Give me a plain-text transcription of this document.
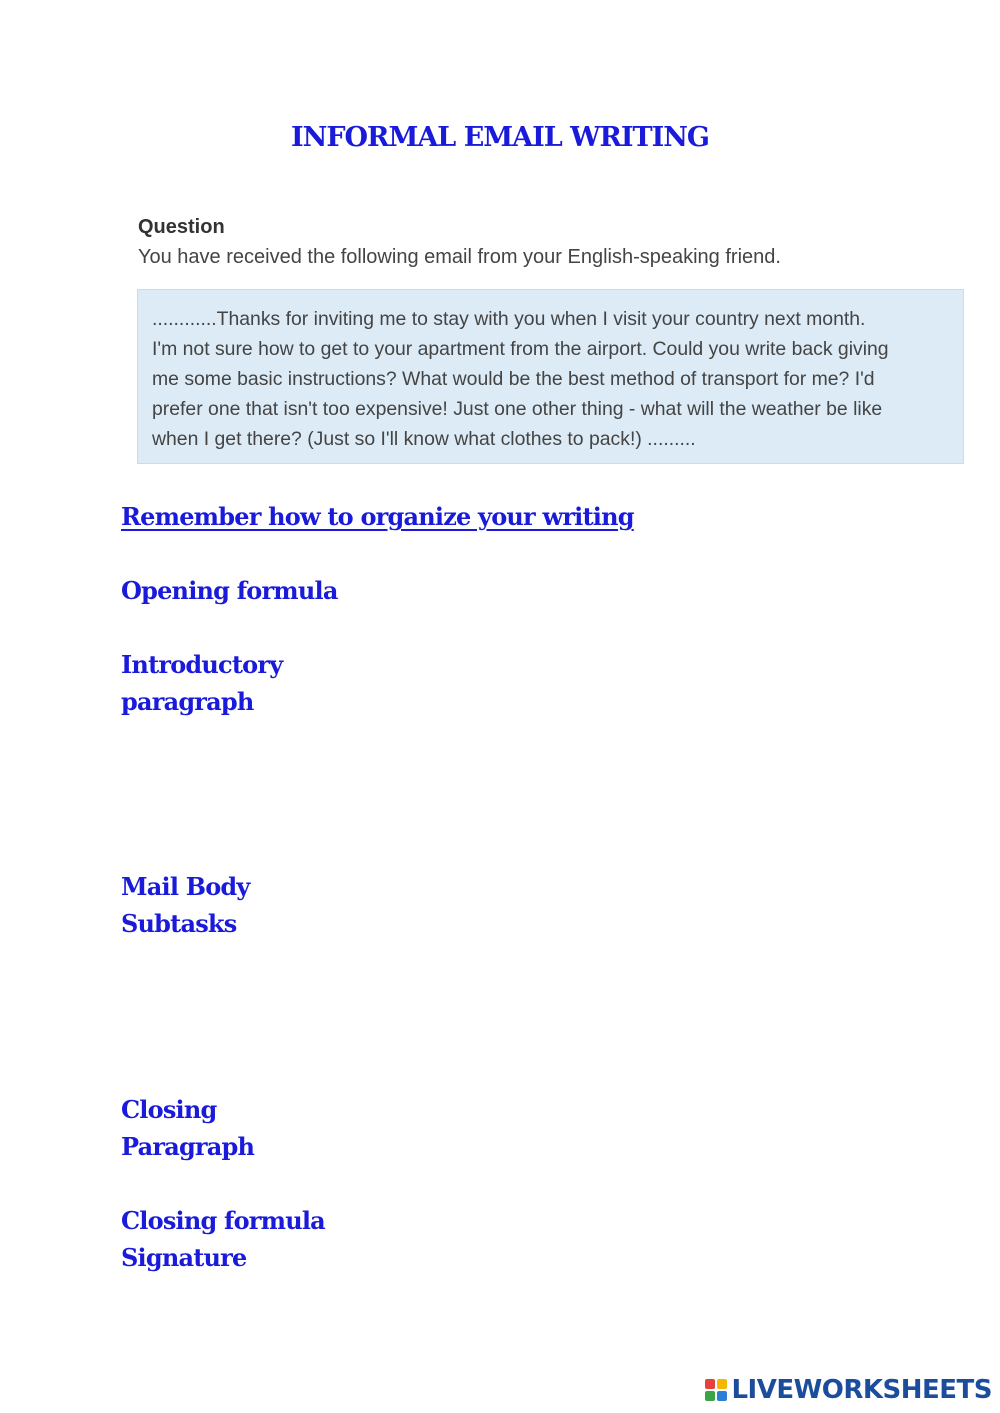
INFORMAL EMAIL WRITING
Question
You have received the following email from your English-speaking friend.
............Thanks for inviting me to stay with you when I visit your country next month.
I'm not sure how to get to your apartment from the airport. Could you write back giving
me some basic instructions? What would be the best method of transport for me? I'd
prefer one that isn't too expensive! Just one other thing - what will the weather be like
when I get there? (Just so I'll know what clothes to pack!) .........
Remember how to organize your writing
Opening formula
Introductory
paragraph
Mail Body
Subtasks
Closing
Paragraph
Closing formula
Signature
LIVEWORKSHEETS
